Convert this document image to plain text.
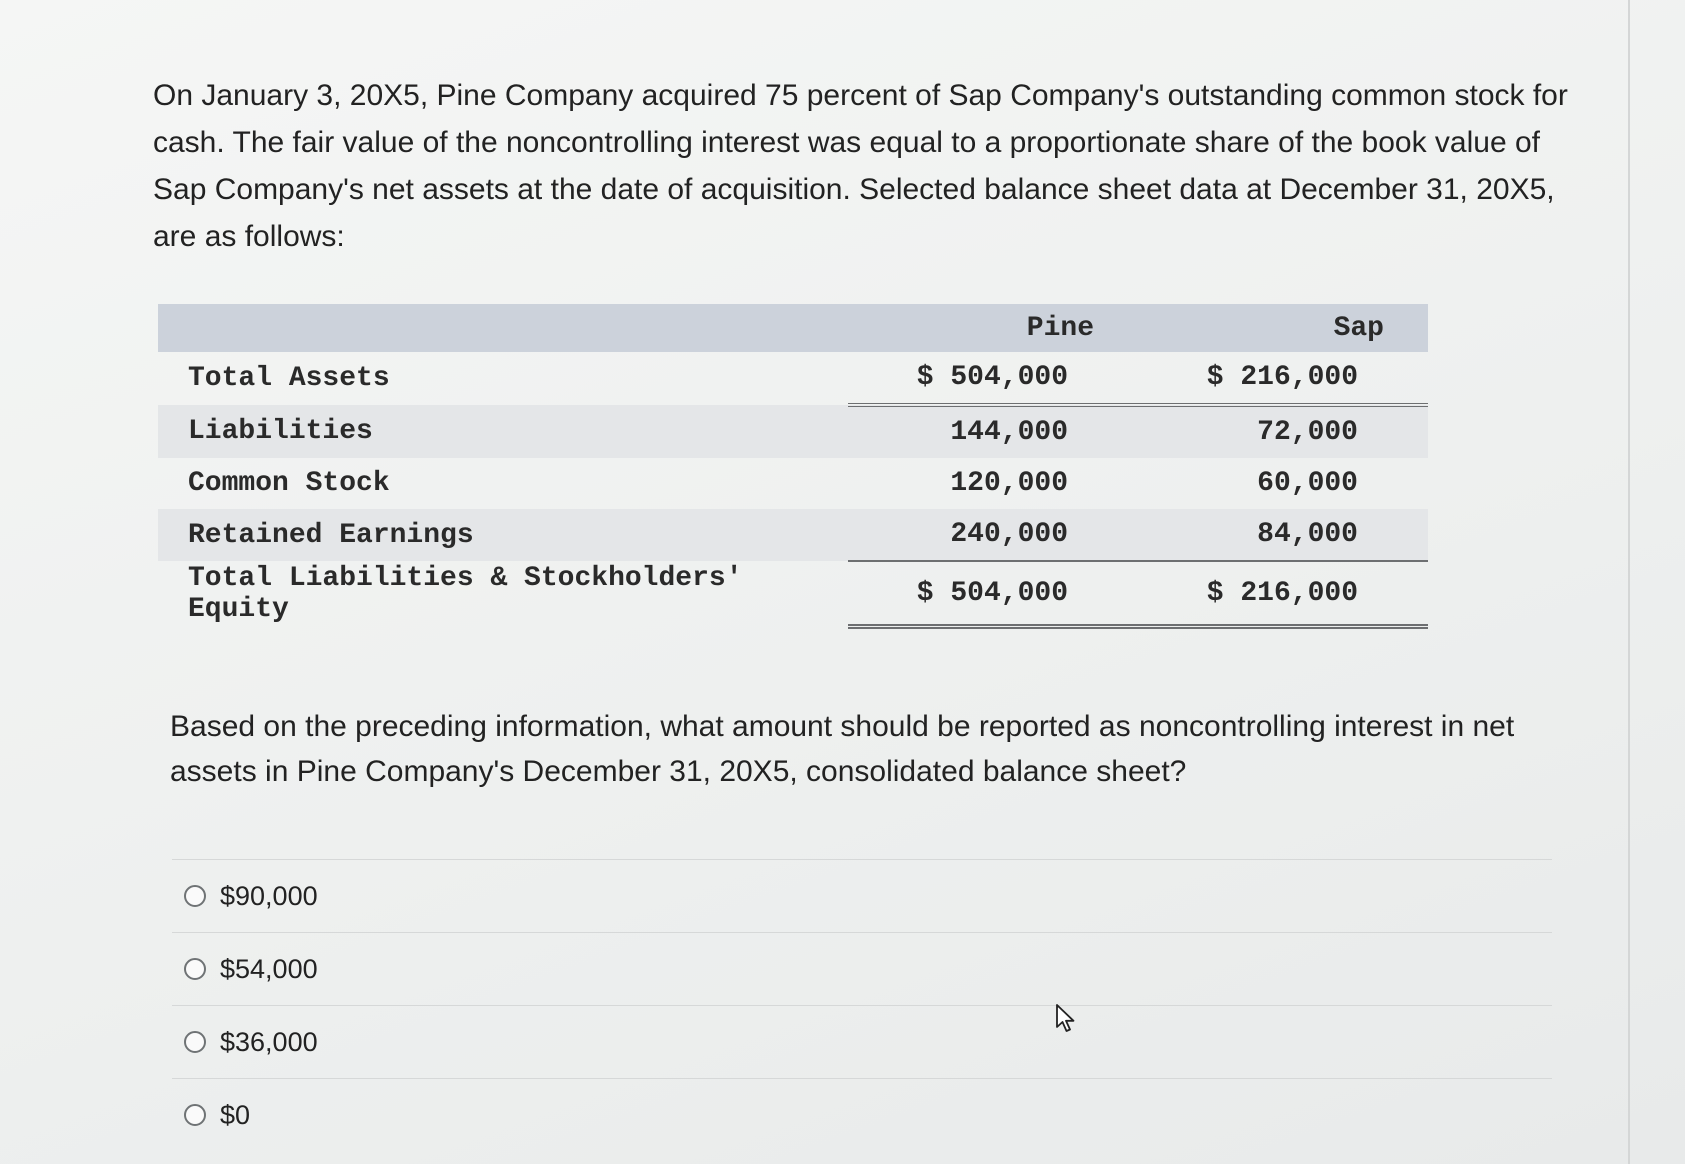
On January 3, 20X5, Pine Company acquired 75 percent of Sap Company's outstanding common stock for cash. The fair value of the noncontrolling interest was equal to a proportionate share of the book value of Sap Company's net assets at the date of acquisition. Selected balance sheet data at December 31, 20X5, are as follows:

	Pine	Sap
Total Assets	$ 504,000	$ 216,000
Liabilities	144,000	72,000
Common Stock	120,000	60,000
Retained Earnings	240,000	84,000
Total Liabilities & Stockholders' Equity	$ 504,000	$ 216,000

Based on the preceding information, what amount should be reported as noncontrolling interest in net assets in Pine Company's December 31, 20X5, consolidated balance sheet?

$90,000
$54,000
$36,000
$0
